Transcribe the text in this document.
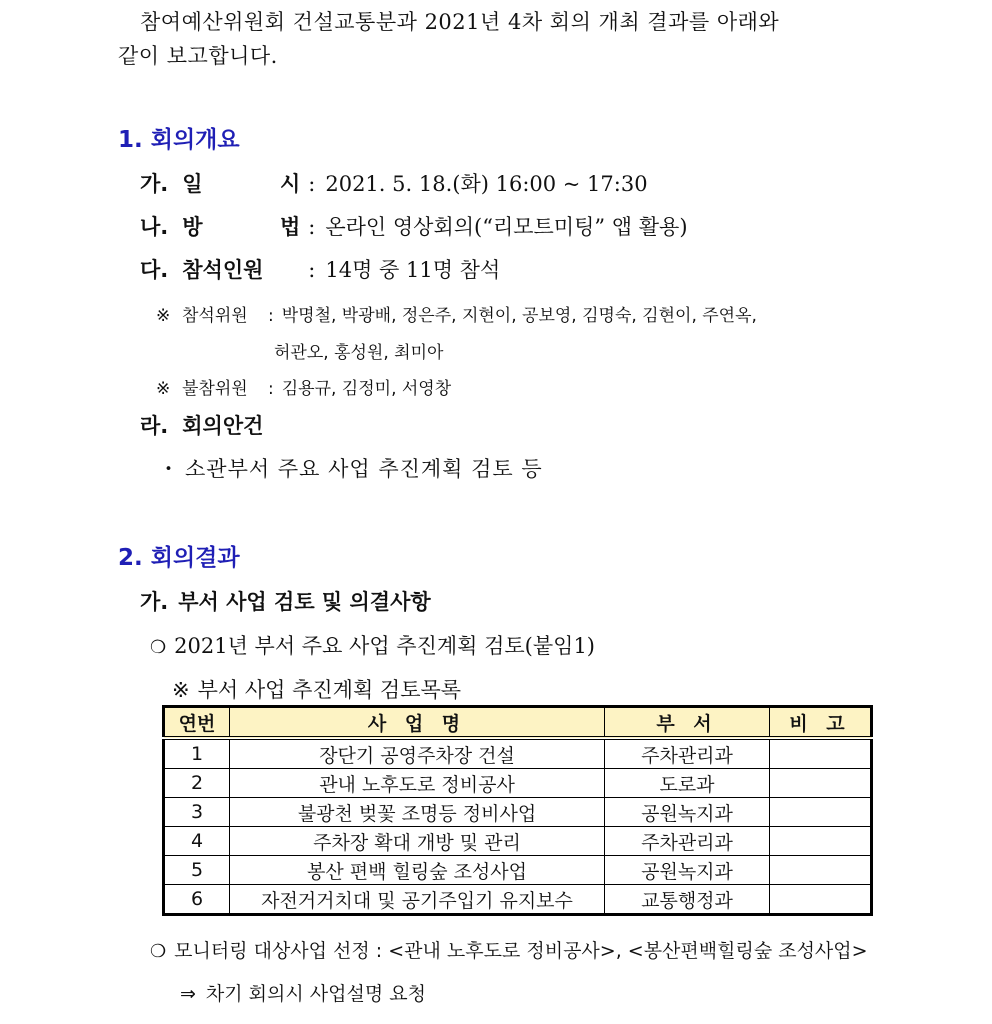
참여예산위원회 건설교통분과 2021년 4차 회의 개최 결과를 아래와
같이 보고합니다.
1. 회의개요
가. 일	시 : 2021. 5. 18.(화) 16:00 ~ 17:30
나. 방	법 : 온라인 영상회의(“리모트미팅” 앱 활용)
다. 참석인원 : 14명 중 11명 참석
※ 참석위원 : 박명철, 박광배, 정은주, 지현이, 공보영, 김명숙, 김현이, 주연옥,
허관오, 홍성원, 최미아
※ 불참위원 : 김용규, 김정미, 서영창
라. 회의안건
・ 소관부서 주요 사업 추진계획 검토 등
2. 회의결과
가. 부서 사업 검토 및 의결사항
❍ 2021년 부서 주요 사업 추진계획 검토(붙임1)
※ 부서 사업 추진계획 검토목록
연번	사 업 명	부 서	비 고
1	장단기 공영주차장 건설	주차관리과	
2	관내 노후도로 정비공사	도로과	
3	불광천 벚꽃 조명등 정비사업	공원녹지과	
4	주차장 확대 개방 및 관리	주차관리과	
5	봉산 편백 힐링숲 조성사업	공원녹지과	
6	자전거거치대 및 공기주입기 유지보수	교통행정과	
❍ 모니터링 대상사업 선정 : <관내 노후도로 정비공사>, <봉산편백힐링숲 조성사업>
⇒ 차기 회의시 사업설명 요청
